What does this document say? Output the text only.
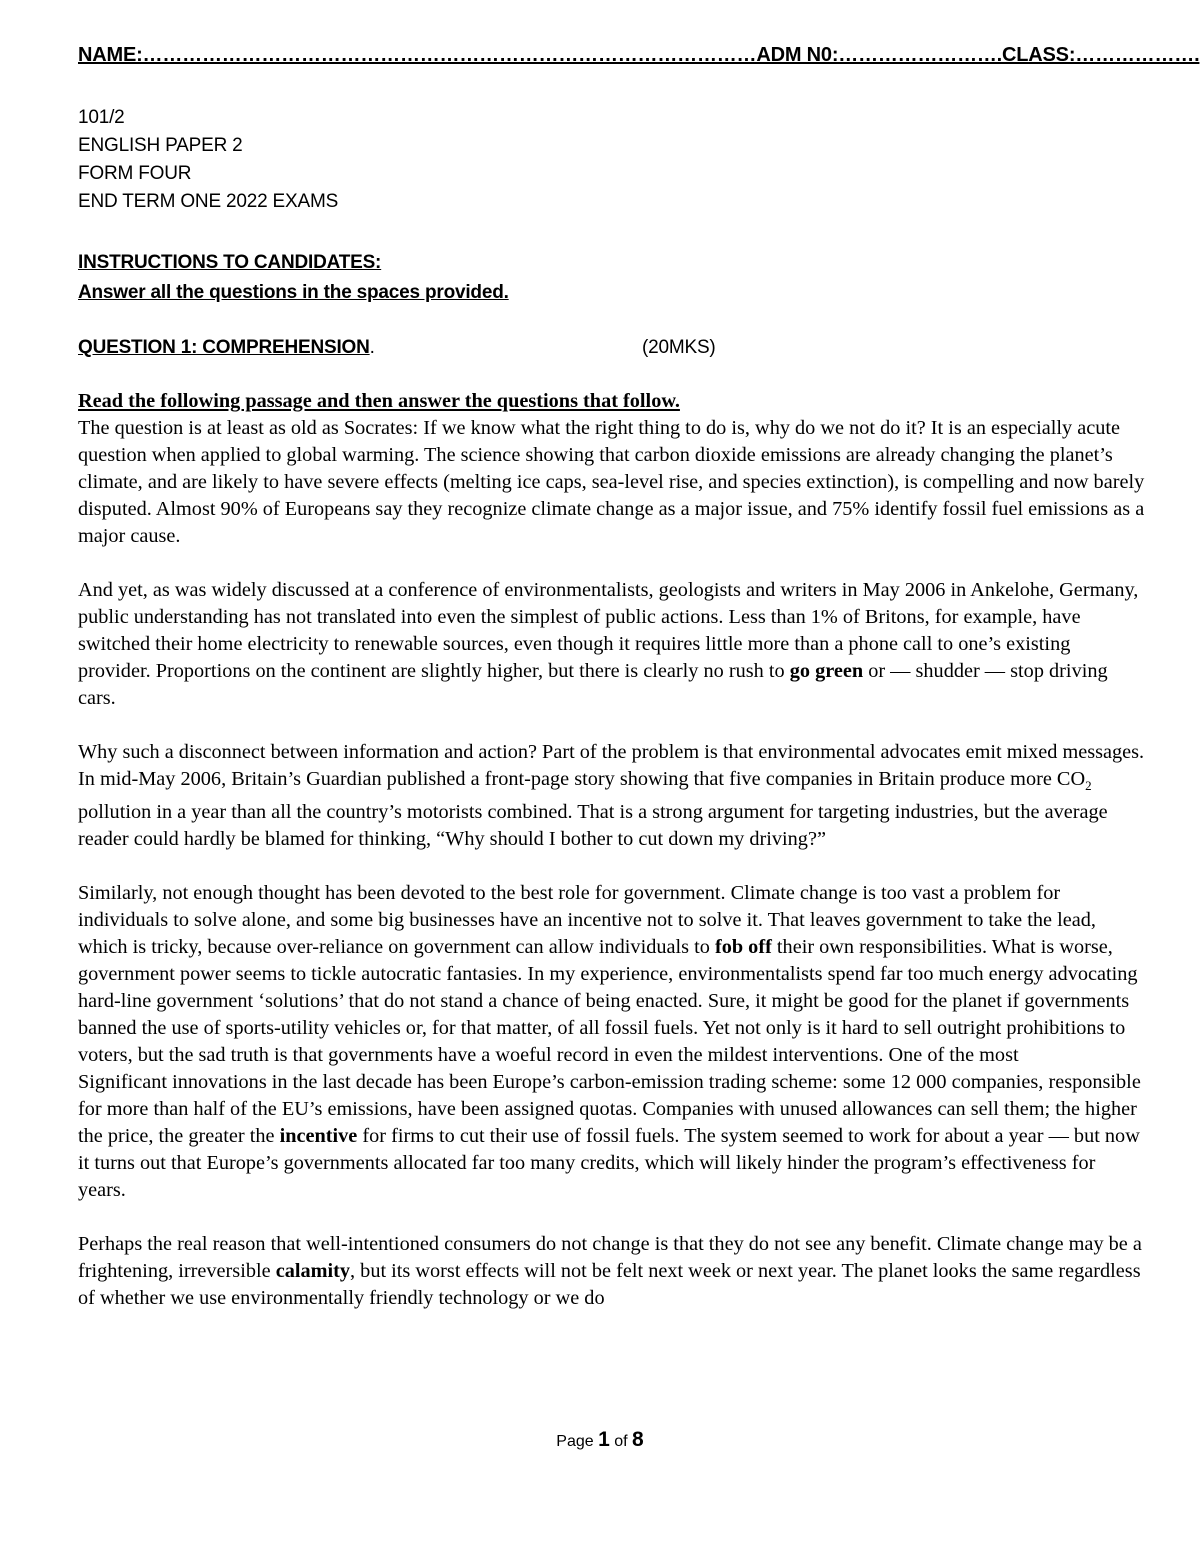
NAME:…………………………………………………………………………………ADM N0:…………………….CLASS:……………….
101/2
ENGLISH PAPER 2
FORM FOUR
END TERM ONE 2022 EXAMS
INSTRUCTIONS TO CANDIDATES:
Answer all the questions in the spaces provided.
QUESTION 1: COMPREHENSION.	(20MKS)
Read the following passage and then answer the questions that follow.

The question is at least as old as Socrates: If we know what the right thing to do is, why do we not do it? It is an especially acute question when applied to global warming. The science showing that carbon dioxide emissions are already changing the planet’s climate, and are likely to have severe effects (melting ice caps, sea-level rise, and species extinction), is compelling and now barely disputed. Almost 90% of Europeans say they recognize climate change as a major issue, and 75% identify fossil fuel emissions as a major cause.

And yet, as was widely discussed at a conference of environmentalists, geologists and writers in May 2006 in Ankelohe, Germany, public understanding has not translated into even the simplest of public actions. Less than 1% of Britons, for example, have switched their home electricity to renewable sources, even though it requires little more than a phone call to one’s existing provider. Proportions on the continent are slightly higher, but there is clearly no rush to go green or — shudder — stop driving cars.

Why such a disconnect between information and action? Part of the problem is that environmental advocates emit mixed messages. In mid-May 2006, Britain’s Guardian published a front-page story showing that five companies in Britain produce more $CO_2$ pollution in a year than all the country’s motorists combined. That is a strong argument for targeting industries, but the average reader could hardly be blamed for thinking, “Why should I bother to cut down my driving?”

Similarly, not enough thought has been devoted to the best role for government. Climate change is too vast a problem for individuals to solve alone, and some big businesses have an incentive not to solve it. That leaves government to take the lead, which is tricky, because over-reliance on government can allow individuals to fob off their own responsibilities. What is worse, government power seems to tickle autocratic fantasies. In my experience, environmentalists spend far too much energy advocating hard-line government ‘solutions’ that do not stand a chance of being enacted. Sure, it might be good for the planet if governments banned the use of sports-utility vehicles or, for that matter, of all fossil fuels. Yet not only is it hard to sell outright prohibitions to voters, but the sad truth is that governments have a woeful record in even the mildest interventions. One of the most

Significant innovations in the last decade has been Europe’s carbon-emission trading scheme: some 12 000 companies, responsible for more than half of the EU’s emissions, have been assigned quotas. Companies with unused allowances can sell them; the higher the price, the greater the incentive for firms to cut their use of fossil fuels. The system seemed to work for about a year — but now it turns out that Europe’s governments allocated far too many credits, which will likely hinder the program’s effectiveness for years.

Perhaps the real reason that well-intentioned consumers do not change is that they do not see any benefit. Climate change may be a frightening, irreversible calamity, but its worst effects will not be felt next week or next year. The planet looks the same regardless of whether we use environmentally friendly technology or we do

Page 1 of 8
